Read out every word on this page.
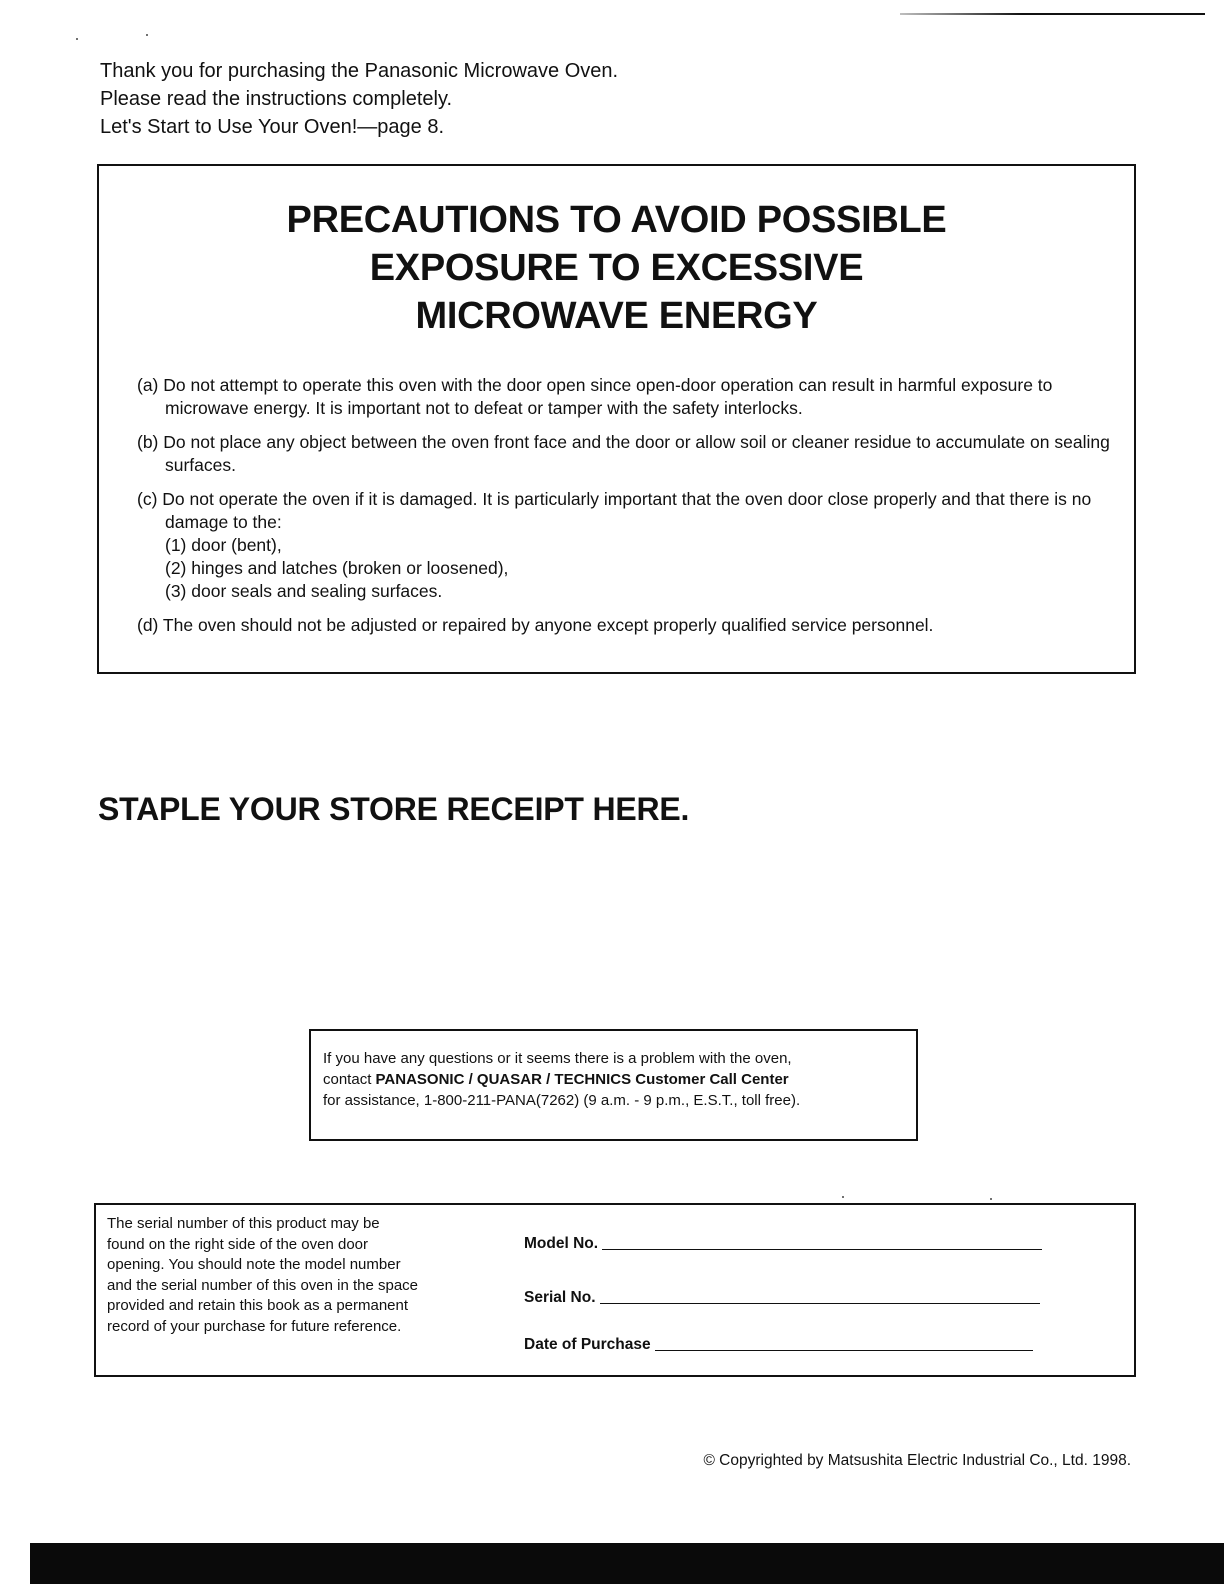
Thank you for purchasing the Panasonic Microwave Oven.
Please read the instructions completely.
Let's Start to Use Your Oven!—page 8.
PRECAUTIONS TO AVOID POSSIBLE
EXPOSURE TO EXCESSIVE
MICROWAVE ENERGY
(a) Do not attempt to operate this oven with the door open since open-door operation can result in harmful exposure to microwave energy. It is important not to defeat or tamper with the safety interlocks.
(b) Do not place any object between the oven front face and the door or allow soil or cleaner residue to accumulate on sealing surfaces.
(c) Do not operate the oven if it is damaged. It is particularly important that the oven door close properly and that there is no damage to the:
(1) door (bent),
(2) hinges and latches (broken or loosened),
(3) door seals and sealing surfaces.
(d) The oven should not be adjusted or repaired by anyone except properly qualified service personnel.
STAPLE YOUR STORE RECEIPT HERE.
If you have any questions or it seems there is a problem with the oven,
contact PANASONIC / QUASAR / TECHNICS Customer Call Center
for assistance, 1-800-211-PANA(7262) (9 a.m. - 9 p.m., E.S.T., toll free).
The serial number of this product may be
found on the right side of the oven door
opening. You should note the model number
and the serial number of this oven in the space
provided and retain this book as a permanent
record of your purchase for future reference.
Model No.
Serial No.
Date of Purchase
© Copyrighted by Matsushita Electric Industrial Co., Ltd. 1998.
